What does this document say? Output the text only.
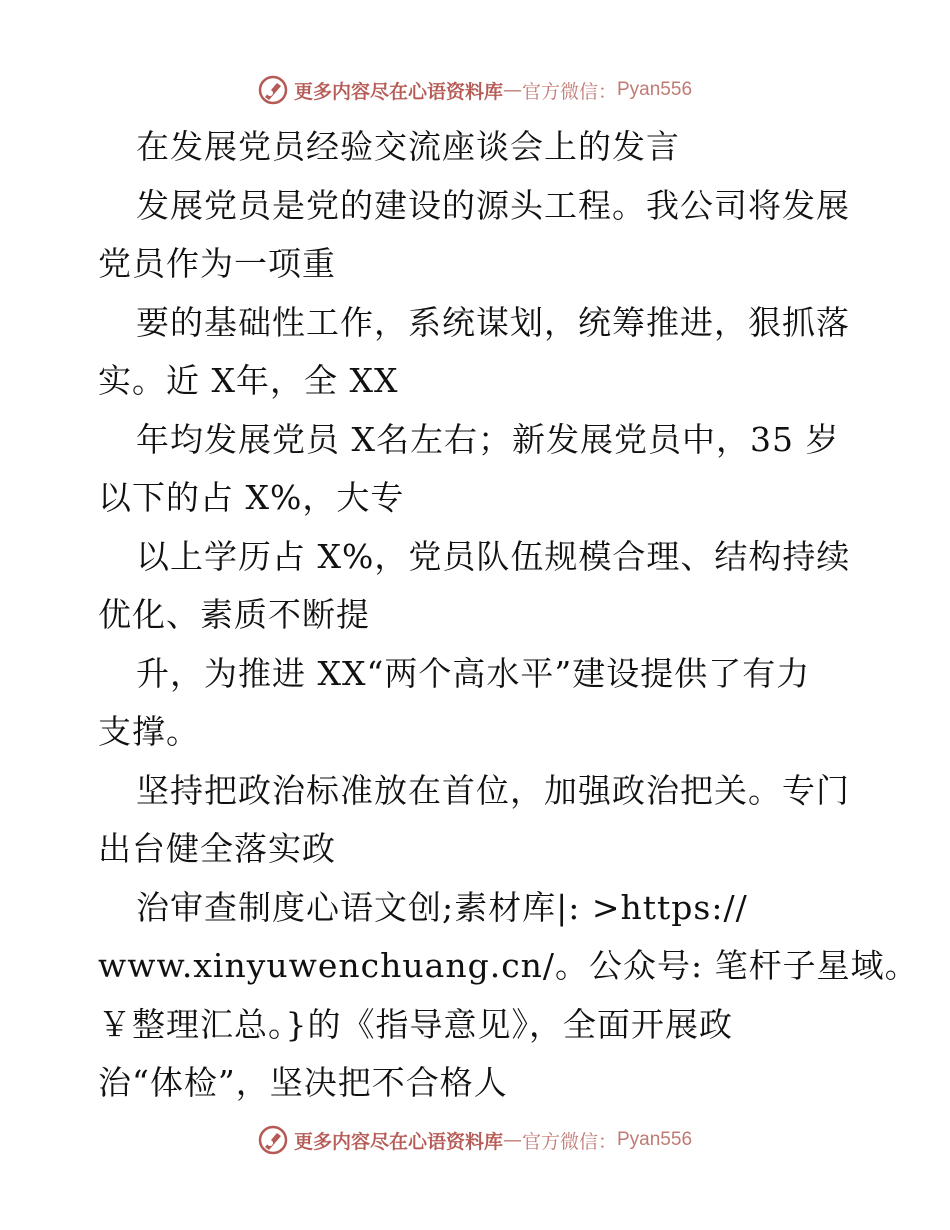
更多内容尽在心语资料库 — 官方微信： Pyan556
在发展党员经验交流座谈会上的发言
发展党员是党的建设的源头工程。我公司将发展
党员作为一项重
要的基础性工作，系统谋划，统筹推进，狠抓落
实。近 X年，全 XX
年均发展党员 X名左右；新发展党员中，35 岁
以下的占 X%，大专
以上学历占 X%，党员队伍规模合理、结构持续
优化、素质不断提
升，为推进 XX“两个高水平”建设提供了有力
支撑。
坚持把政治标准放在首位，加强政治把关。专门
出台健全落实政
治审查制度心语文创;素材库|: >https://
www.xinyuwenchuang.cn/。公众号: 笔杆子星域。
￥整理汇总。}的《指导意见》，全面开展政
治“体检”，坚决把不合格人
更多内容尽在心语资料库 — 官方微信： Pyan556
